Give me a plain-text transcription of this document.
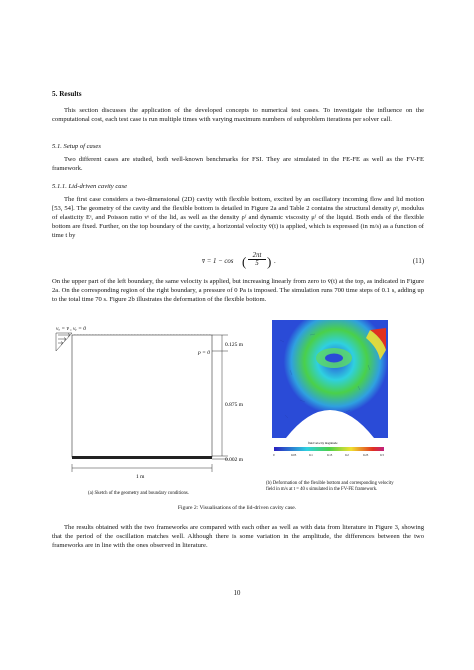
5. Results

This section discusses the application of the developed concepts to numerical test cases. To investigate the influence on the computational cost, each test case is run multiple times with varying maximum numbers of subproblem iterations per solver call.

5.1. Setup of cases

Two different cases are studied, both well-known benchmarks for FSI. They are simulated in the FE-FE as well as the FV-FE framework.

5.1.1. Lid-driven cavity case

The first case considers a two-dimensional (2D) cavity with flexible bottom, excited by an oscillatory incoming flow and lid motion [53, 54]. The geometry of the cavity and the flexible bottom is detailed in Figure 2a and Table 2 contains the structural density ρˢ, modulus of elasticity Eˢ, and Poisson ratio νˢ of the lid, as well as the density ρᶠ and dynamic viscosity μᶠ of the liquid. Both ends of the flexible bottom are fixed. Further, on the top boundary of the cavity, a horizontal velocity v̄(t) is applied, which is expressed (in m/s) as a function of time t by

v̄ = 1 − cos ( $\frac{2\pi t}{5}$ ) .	(11)

On the upper part of the left boundary, the same velocity is applied, but increasing linearly from zero to v̄(t) at the top, as indicated in Figure 2a. On the corresponding region of the right boundary, a pressure of 0 Pa is imposed. The simulation runs 700 time steps of 0.1 s, adding up to the total time 70 s. Figure 2b illustrates the deformation of the flexible bottom.

vₓ = v̄ , vᵧ = 0
p = 0
0.125 m
0.875 m
0.002 m
1 m
fluid velocity magnitude
0	0.05	0.1	0.15	0.2	0.25	0.3
(a) Sketch of the geometry and boundary conditions.
(b) Deformation of the flexible bottom and corresponding velocity field in m/s at t = 40 s simulated in the FV-FE framework.
Figure 2: Visualisations of the lid-driven cavity case.

The results obtained with the two frameworks are compared with each other as well as with data from literature in Figure 3, showing that the period of the oscillation matches well. Although there is some variation in the amplitude, the differences between the two frameworks are in line with the ones observed in literature.

10
